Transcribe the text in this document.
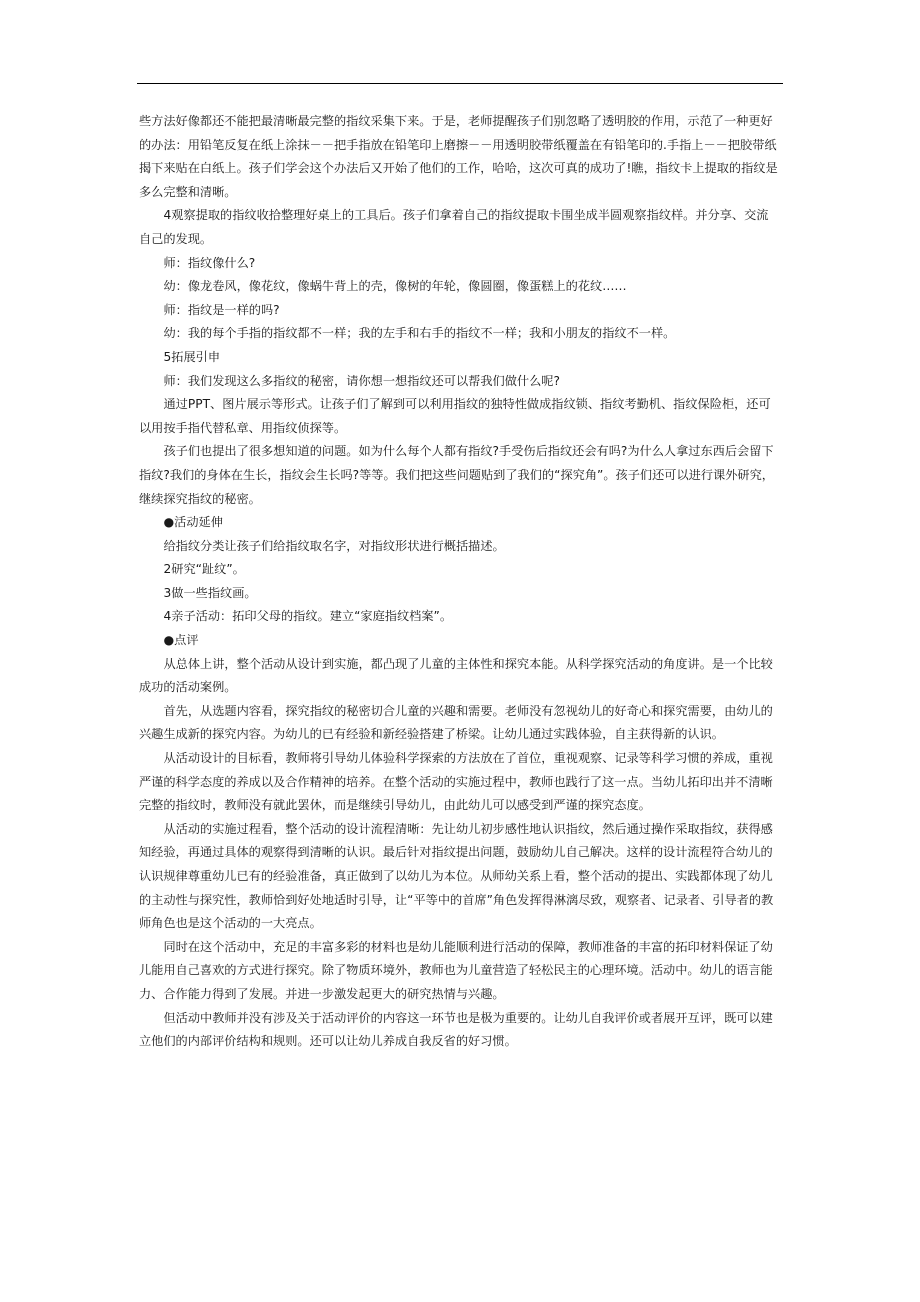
些方法好像都还不能把最清晰最完整的指纹采集下来。于是，老师提醒孩子们别忽略了透明胶的作用，示范了一种更好
的办法：用铅笔反复在纸上涂抹－－把手指放在铅笔印上磨擦－－用透明胶带纸覆盖在有铅笔印的.手指上－－把胶带纸
揭下来贴在白纸上。孩子们学会这个办法后又开始了他们的工作，哈哈，这次可真的成功了!瞧，指纹卡上提取的指纹是
多么完整和清晰。
4观察提取的指纹收拾整理好桌上的工具后。孩子们拿着自己的指纹提取卡围坐成半圆观察指纹样。并分享、交流
自己的发现。
师：指纹像什么?
幼：像龙卷风，像花纹，像蜗牛背上的壳，像树的年轮，像圆圈，像蛋糕上的花纹……
师：指纹是一样的吗?
幼：我的每个手指的指纹都不一样；我的左手和右手的指纹不一样；我和小朋友的指纹不一样。
5拓展引申
师：我们发现这么多指纹的秘密，请你想一想指纹还可以帮我们做什么呢?
通过PPT、图片展示等形式。让孩子们了解到可以利用指纹的独特性做成指纹锁、指纹考勤机、指纹保险柜，还可
以用按手指代替私章、用指纹侦探等。
孩子们也提出了很多想知道的问题。如为什么每个人都有指纹?手受伤后指纹还会有吗?为什么人拿过东西后会留下
指纹?我们的身体在生长，指纹会生长吗?等等。我们把这些问题贴到了我们的“探究角”。孩子们还可以进行课外研究，
继续探究指纹的秘密。
●活动延伸
给指纹分类让孩子们给指纹取名字，对指纹形状进行概括描述。
2研究“趾纹”。
3做一些指纹画。
4亲子活动：拓印父母的指纹。建立“家庭指纹档案”。
●点评
从总体上讲，整个活动从设计到实施，都凸现了儿童的主体性和探究本能。从科学探究活动的角度讲。是一个比较
成功的活动案例。
首先，从选题内容看，探究指纹的秘密切合儿童的兴趣和需要。老师没有忽视幼儿的好奇心和探究需要，由幼儿的
兴趣生成新的探究内容。为幼儿的已有经验和新经验搭建了桥梁。让幼儿通过实践体验，自主获得新的认识。
从活动设计的目标看，教师将引导幼儿体验科学探索的方法放在了首位，重视观察、记录等科学习惯的养成，重视
严谨的科学态度的养成以及合作精神的培养。在整个活动的实施过程中，教师也践行了这一点。当幼儿拓印出并不清晰
完整的指纹时，教师没有就此罢休，而是继续引导幼儿，由此幼儿可以感受到严谨的探究态度。
从活动的实施过程看，整个活动的设计流程清晰：先让幼儿初步感性地认识指纹，然后通过操作采取指纹，获得感
知经验，再通过具体的观察得到清晰的认识。最后针对指纹提出问题，鼓励幼儿自己解决。这样的设计流程符合幼儿的
认识规律尊重幼儿已有的经验准备，真正做到了以幼儿为本位。从师幼关系上看，整个活动的提出、实践都体现了幼儿
的主动性与探究性，教师恰到好处地适时引导，让“平等中的首席”角色发挥得淋漓尽致，观察者、记录者、引导者的教
师角色也是这个活动的一大亮点。
同时在这个活动中，充足的丰富多彩的材料也是幼儿能顺利进行活动的保障，教师准备的丰富的拓印材料保证了幼
儿能用自己喜欢的方式进行探究。除了物质环境外，教师也为儿童营造了轻松民主的心理环境。活动中。幼儿的语言能
力、合作能力得到了发展。并进一步激发起更大的研究热情与兴趣。
但活动中教师并没有涉及关于活动评价的内容这一环节也是极为重要的。让幼儿自我评价或者展开互评，既可以建
立他们的内部评价结构和规则。还可以让幼儿养成自我反省的好习惯。
